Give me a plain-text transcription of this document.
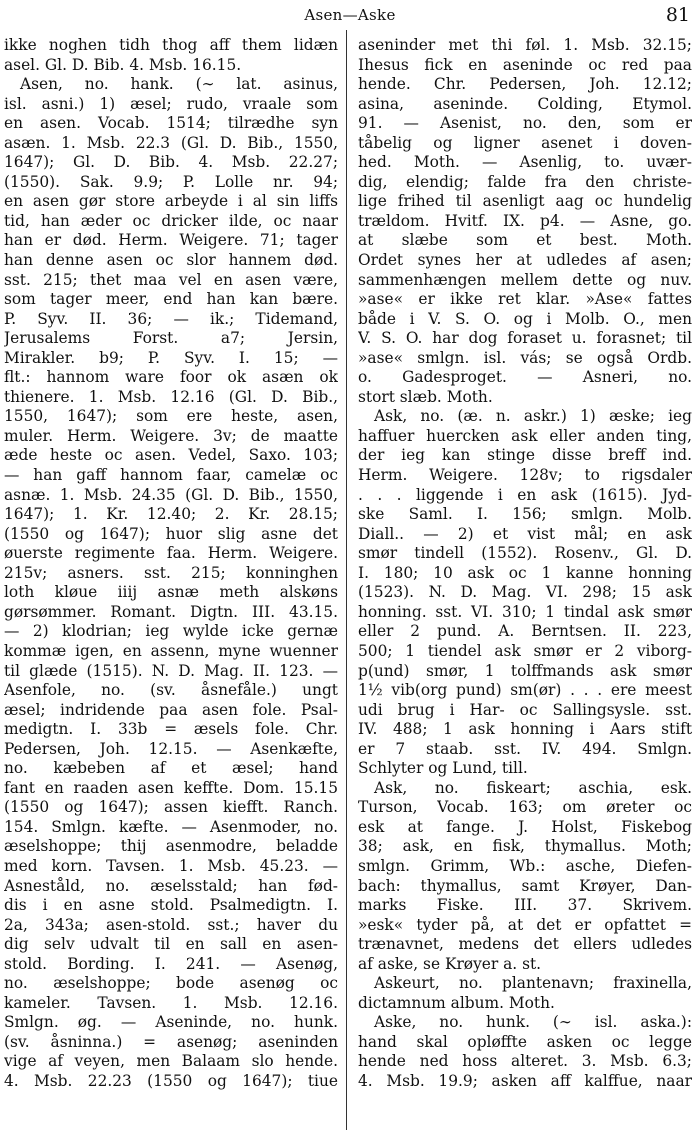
Asen—Aske	81
ikke noghen tidh thog aff them lidæn
asel. Gl. D. Bib. 4. Msb. 16.15.
Asen, no. hank. (∼ lat. asinus,
isl. asni.) 1) æsel; rudo, vraale som
en asen. Vocab. 1514; tilrædhe syn
asæn. 1. Msb. 22.3 (Gl. D. Bib., 1550,
1647); Gl. D. Bib. 4. Msb. 22.27;
(1550). Sak. 9.9; P. Lolle nr. 94;
en asen gør store arbeyde i al sin liffs
tid, han æder oc dricker ilde, oc naar
han er død. Herm. Weigere. 71; tager
han denne asen oc slor hannem død.
sst. 215; thet maa vel en asen være,
som tager meer, end han kan bære.
P. Syv. II. 36; — ik.; Tidemand,
Jerusalems Forst. a7; Jersin,
Mirakler. b9; P. Syv. I. 15; —
flt.: hannom ware foor ok asæn ok
thienere. 1. Msb. 12.16 (Gl. D. Bib.,
1550, 1647); som ere heste, asen,
muler. Herm. Weigere. 3v; de maatte
æde heste oc asen. Vedel, Saxo. 103;
— han gaff hannom faar, camelæ oc
asnæ. 1. Msb. 24.35 (Gl. D. Bib., 1550,
1647); 1. Kr. 12.40; 2. Kr. 28.15;
(1550 og 1647); huor slig asne det
øuerste regimente faa. Herm. Weigere.
215v; asners. sst. 215; konninghen
loth kløue iiij asnæ meth alskøns
gørsømmer. Romant. Digtn. III. 43.15.
— 2) klodrian; ieg wylde icke gernæ
kommæ igen, en assenn, myne wuenner
til glæde (1515). N. D. Mag. II. 123. —
Asenfole, no. (sv. åsnefåle.) ungt
æsel; indridende paa asen fole. Psal-
medigtn. I. 33b = æsels fole. Chr.
Pedersen, Joh. 12.15. — Asenkæfte,
no. kæbeben af et æsel; hand
fant en raaden asen keffte. Dom. 15.15
(1550 og 1647); assen kiefft. Ranch.
154. Smlgn. kæfte. — Asenmoder, no.
æselshoppe; thij asenmodre, beladde
med korn. Tavsen. 1. Msb. 45.23. —
Asneståld, no. æselsstald; han fød-
dis i en asne stold. Psalmedigtn. I.
2a, 343a; asen-stold. sst.; haver du
dig selv udvalt til en sall en asen-
stold. Bording. I. 241. — Asenøg,
no. æselshoppe; bode asenøg oc
kameler. Tavsen. 1. Msb. 12.16.
Smlgn. øg. — Aseninde, no. hunk.
(sv. åsninna.) = asenøg; aseninden
vige af veyen, men Balaam slo hende.
4. Msb. 22.23 (1550 og 1647); tiue
aseninder met thi føl. 1. Msb. 32.15;
Ihesus fick en aseninde oc red paa
hende. Chr. Pedersen, Joh. 12.12;
asina, aseninde. Colding, Etymol.
91. — Asenist, no. den, som er
tåbelig og ligner asenet i doven-
hed. Moth. — Asenlig, to. uvær-
dig, elendig; falde fra den christe-
lige frihed til asenligt aag oc hundelig
trældom. Hvitf. IX. p4. — Asne, go.
at slæbe som et best. Moth.
Ordet synes her at udledes af asen;
sammenhængen mellem dette og nuv.
»ase« er ikke ret klar. »Ase« fattes
både i V. S. O. og i Molb. O., men
V. S. O. har dog foraset u. forasnet; til
»ase« smlgn. isl. vás; se også Ordb.
o. Gadesproget. — Asneri, no.
stort slæb. Moth.
Ask, no. (æ. n. askr.) 1) æske; ieg
haffuer huercken ask eller anden ting,
der ieg kan stinge disse breff ind.
Herm. Weigere. 128v; to rigsdaler
. . . liggende i en ask (1615). Jyd-
ske Saml. I. 156; smlgn. Molb.
Diall.. — 2) et vist mål; en ask
smør tindell (1552). Rosenv., Gl. D.
I. 180; 10 ask oc 1 kanne honning
(1523). N. D. Mag. VI. 298; 15 ask
honning. sst. VI. 310; 1 tindal ask smør
eller 2 pund. A. Berntsen. II. 223,
500; 1 tiendel ask smør er 2 viborg-
p(und) smør, 1 tolffmands ask smør
1½ vib(org pund) sm(ør) . . . ere meest
udi brug i Har- oc Sallingsysle. sst.
IV. 488; 1 ask honning i Aars stift
er 7 staab. sst. IV. 494. Smlgn.
Schlyter og Lund, till.
Ask, no. fiskeart; aschia, esk.
Turson, Vocab. 163; om øreter oc
esk at fange. J. Holst, Fiskebog
38; ask, en fisk, thymallus. Moth;
smlgn. Grimm, Wb.: asche, Diefen-
bach: thymallus, samt Krøyer, Dan-
marks Fiske. III. 37. Skrivem.
»esk« tyder på, at det er opfattet =
trænavnet, medens det ellers udledes
af aske, se Krøyer a. st.
Askeurt, no. plantenavn; fraxinella,
dictamnum album. Moth.
Aske, no. hunk. (∼ isl. aska.):
hand skal opløffte asken oc legge
hende ned hoss alteret. 3. Msb. 6.3;
4. Msb. 19.9; asken aff kalffue, naar
